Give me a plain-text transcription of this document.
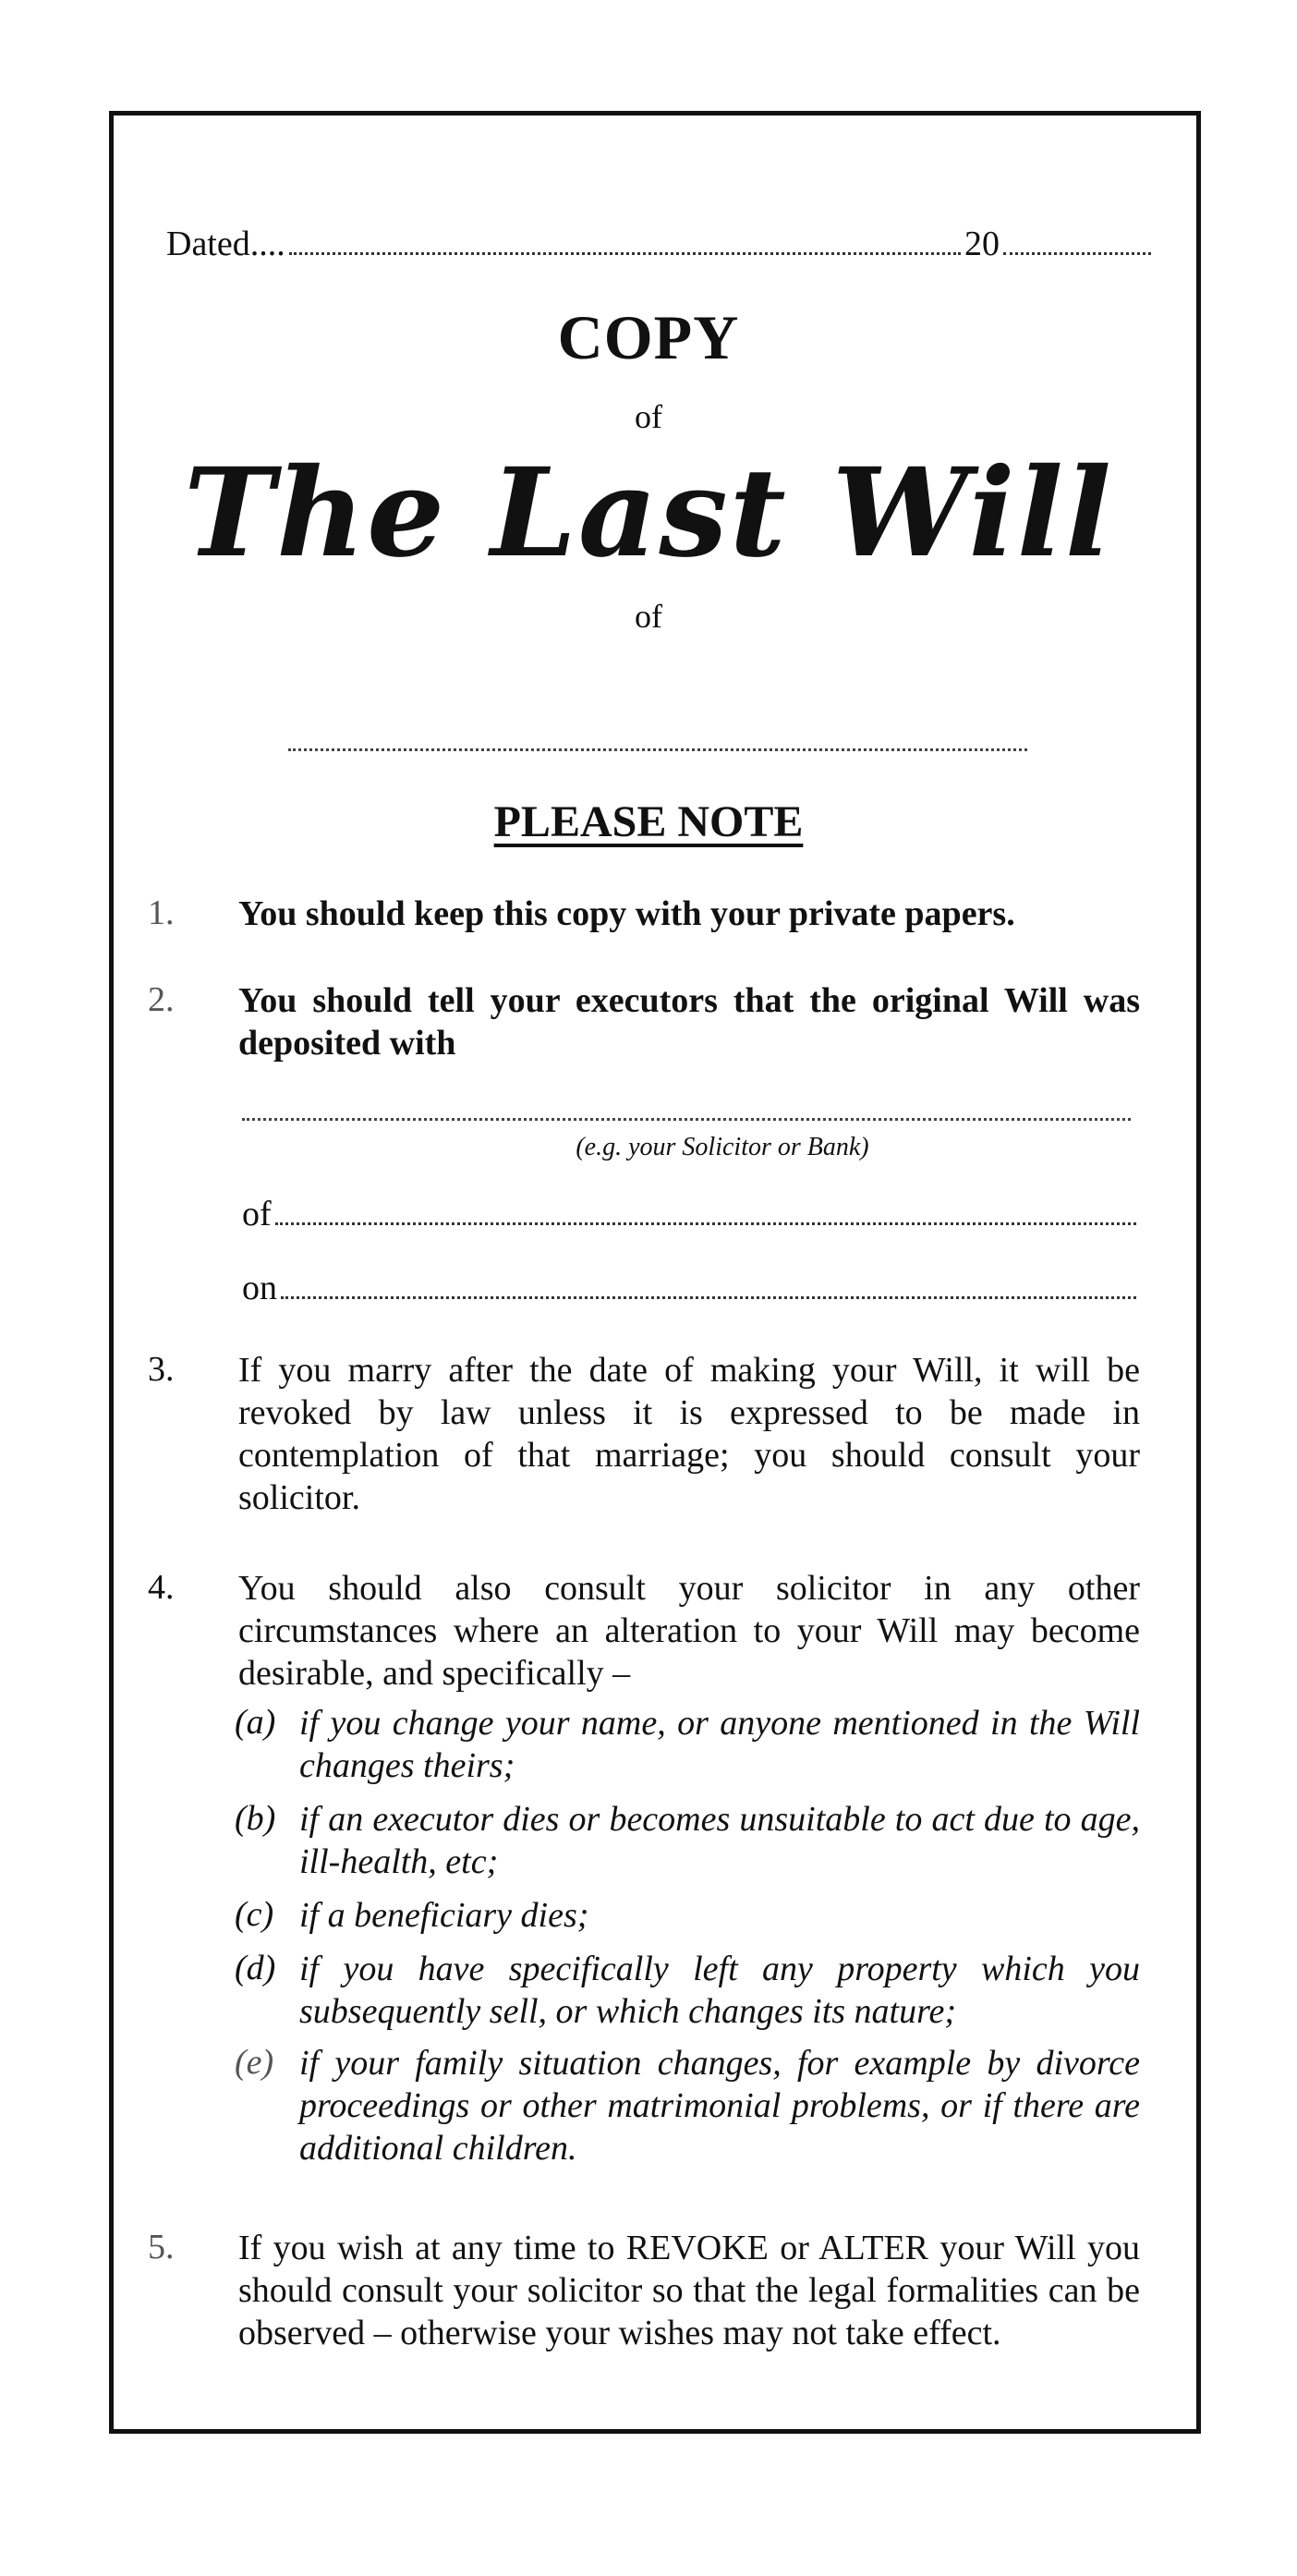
Dated....	20
COPY
of
The Last Will
of
PLEASE NOTE
1.	You should keep this copy with your private papers.
2.	You should tell your executors that the original Will was deposited with
(e.g. your Solicitor or Bank)
of
on
3.	If you marry after the date of making your Will, it will be revoked by law unless it is expressed to be made in contemplation of that marriage; you should consult your solicitor.
4.	You should also consult your solicitor in any other circumstances where an alteration to your Will may become desirable, and specifically –
(a) if you change your name, or anyone mentioned in the Will changes theirs;
(b) if an executor dies or becomes unsuitable to act due to age, ill-health, etc;
(c) if a beneficiary dies;
(d) if you have specifically left any property which you subsequently sell, or which changes its nature;
(e) if your family situation changes, for example by divorce proceedings or other matrimonial problems, or if there are additional children.
5.	If you wish at any time to REVOKE or ALTER your Will you should consult your solicitor so that the legal formalities can be observed – otherwise your wishes may not take effect.
